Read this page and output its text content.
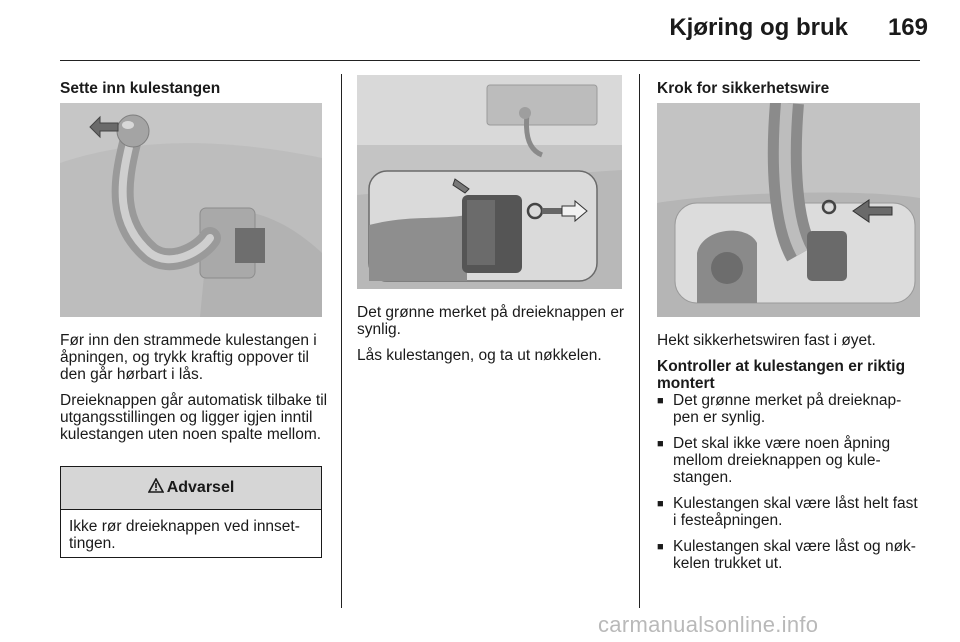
Kjøring og bruk	169

Sette inn kulestangen

Før inn den strammede kulestangen i åpningen, og trykk kraftig oppover til den går hørbart i lås.

Dreieknappen går automatisk tilbake til utgangsstillingen og ligger igjen inntil kulestangen uten noen spalte mellom.

Advarsel
Ikke rør dreieknappen ved innset-tingen.

Det grønne merket på dreieknappen er synlig.

Lås kulestangen, og ta ut nøkkelen.

Krok for sikkerhetswire

Hekt sikkerhetswiren fast i øyet.

Kontroller at kulestangen er riktig montert

■ Det grønne merket på dreieknap-pen er synlig.
■ Det skal ikke være noen åpning mellom dreieknappen og kule-stangen.
■ Kulestangen skal være låst helt fast i festeåpningen.
■ Kulestangen skal være låst og nøk-kelen trukket ut.
carmanualsonline.info
